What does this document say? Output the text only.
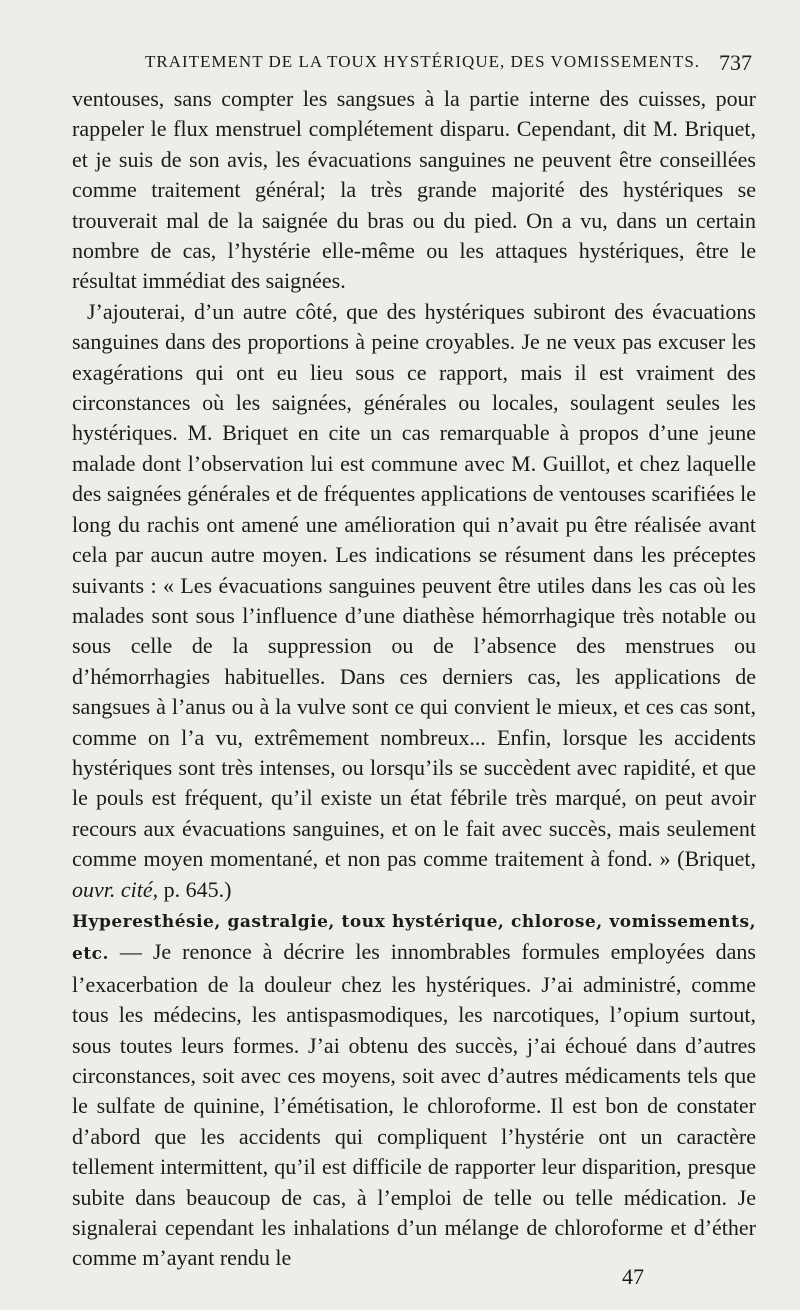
TRAITEMENT DE LA TOUX HYSTÉRIQUE, DES VOMISSEMENTS. 737

ventouses, sans compter les sangsues à la partie interne des cuisses, pour rappeler le flux menstruel complétement disparu. Cependant, dit M. Briquet, et je suis de son avis, les évacuations sanguines ne peuvent être conseillées comme traitement général; la très grande majorité des hystériques se trouverait mal de la saignée du bras ou du pied. On a vu, dans un certain nombre de cas, l’hystérie elle-même ou les attaques hystériques, être le résultat immédiat des saignées.

J’ajouterai, d’un autre côté, que des hystériques subiront des évacuations sanguines dans des proportions à peine croyables. Je ne veux pas excuser les exagérations qui ont eu lieu sous ce rapport, mais il est vraiment des circonstances où les saignées, générales ou locales, soulagent seules les hystériques. M. Briquet en cite un cas remarquable à propos d’une jeune malade dont l’observation lui est commune avec M. Guillot, et chez laquelle des saignées générales et de fréquentes applications de ventouses scarifiées le long du rachis ont amené une amélioration qui n’avait pu être réalisée avant cela par aucun autre moyen. Les indications se résument dans les préceptes suivants : « Les évacuations sanguines peuvent être utiles dans les cas où les malades sont sous l’influence d’une diathèse hémorrhagique très notable ou sous celle de la suppression ou de l’absence des menstrues ou d’hémorrhagies habituelles. Dans ces derniers cas, les applications de sangsues à l’anus ou à la vulve sont ce qui convient le mieux, et ces cas sont, comme on l’a vu, extrêmement nombreux... Enfin, lorsque les accidents hystériques sont très intenses, ou lorsqu’ils se succèdent avec rapidité, et que le pouls est fréquent, qu’il existe un état fébrile très marqué, on peut avoir recours aux évacuations sanguines, et on le fait avec succès, mais seulement comme moyen momentané, et non pas comme traitement à fond. » (Briquet, ouvr. cité, p. 645.)

Hyperesthésie, gastralgie, toux hystérique, chlorose, vomissements, etc. — Je renonce à décrire les innombrables formules employées dans l’exacerbation de la douleur chez les hystériques. J’ai administré, comme tous les médecins, les antispasmodiques, les narcotiques, l’opium surtout, sous toutes leurs formes. J’ai obtenu des succès, j’ai échoué dans d’autres circonstances, soit avec ces moyens, soit avec d’autres médicaments tels que le sulfate de quinine, l’émétisation, le chloroforme. Il est bon de constater d’abord que les accidents qui compliquent l’hystérie ont un caractère tellement intermittent, qu’il est difficile de rapporter leur disparition, presque subite dans beaucoup de cas, à l’emploi de telle ou telle médication. Je signalerai cependant les inhalations d’un mélange de chloroforme et d’éther comme m’ayant rendu le

47
